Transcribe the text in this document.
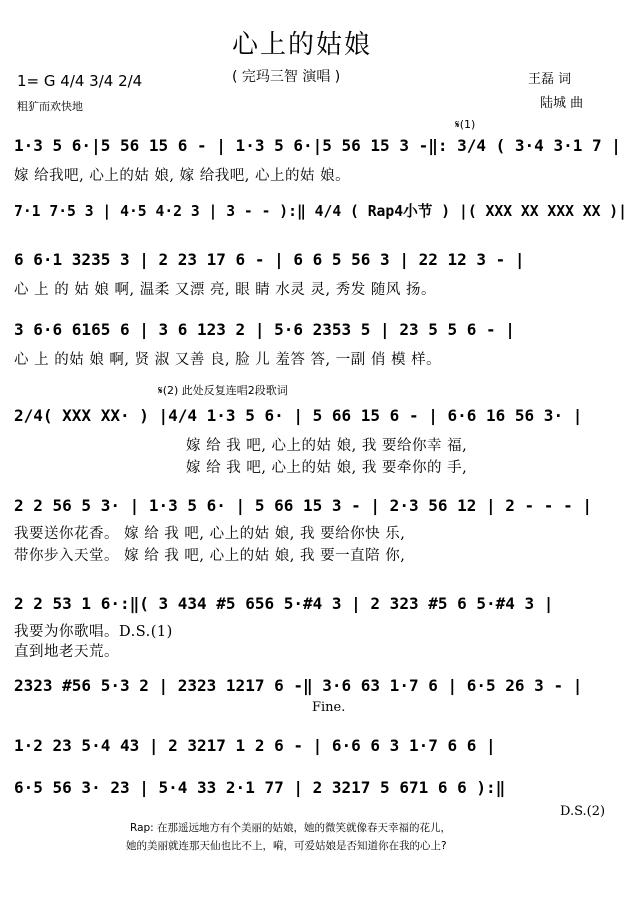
心上的姑娘
( 完玛三智 演唱 )	王磊 词
陆城 曲
1= G 4/4 3/4 2/4
粗犷而欢快地
𝄋(1)
1·3 5 6·|5 56 15 6 - | 1·3 5 6·|5 56 15 3 -‖: 3/4 ( 3·4 3·1 7 |
嫁 给我吧, 心上的姑 娘, 嫁 给我吧, 心上的姑 娘。
7·1 7·5 3 | 4·5 4·2 3 | 3 - - ):‖ 4/4 ( Rap4小节 ) |( XXX XX XXX XX )|
6 6·1 3235 3 | 2 23 17 6 - | 6 6 5 56 3 | 22 12 3 - |
心 上 的 姑 娘 啊, 温柔 又漂 亮, 眼 睛 水灵 灵, 秀发 随风 扬。
3 6·6 6165 6 | 3 6 123 2 | 5·6 2353 5 | 23 5 5 6 - |
心 上 的姑 娘 啊, 贤 淑 又善 良, 脸 儿 羞答 答, 一副 俏 模 样。
𝄋(2) 此处反复连唱2段歌词
2/4( XXX XX· ) |4/4 1·3 5 6· | 5 66 15 6 - | 6·6 16 56 3· |
嫁 给 我 吧, 心上的姑 娘, 我 要给你幸 福,
嫁 给 我 吧, 心上的姑 娘, 我 要牵你的 手,
2 2 56 5 3· | 1·3 5 6· | 5 66 15 3 - | 2·3 56 12 | 2 - - - |
我要送你花香。 嫁 给 我 吧, 心上的姑 娘, 我 要给你快 乐,
带你步入天堂。 嫁 给 我 吧, 心上的姑 娘, 我 要一直陪 你,
2 2 53 1 6·:‖( 3 434 #5 656 5·#4 3 | 2 323 #5 6 5·#4 3 |
我要为你歌唱。D.S.(1)
直到地老天荒。
2323 #56 5·3 2 | 2323 1217 6 -‖ 3·6 63 1·7 6 | 6·5 26 3 - |
Fine.
1·2 23 5·4 43 | 2 3217 1 2 6 - | 6·6 6 3 1·7 6 6 |
6·5 56 3· 23 | 5·4 33 2·1 77 | 2 3217 5 671 6 6 ):‖
D.S.(2)
Rap: 在那遥远地方有个美丽的姑娘，她的微笑就像春天幸福的花儿，
她的美丽就连那天仙也比不上，嗬，可爱姑娘是否知道你在我的心上?
